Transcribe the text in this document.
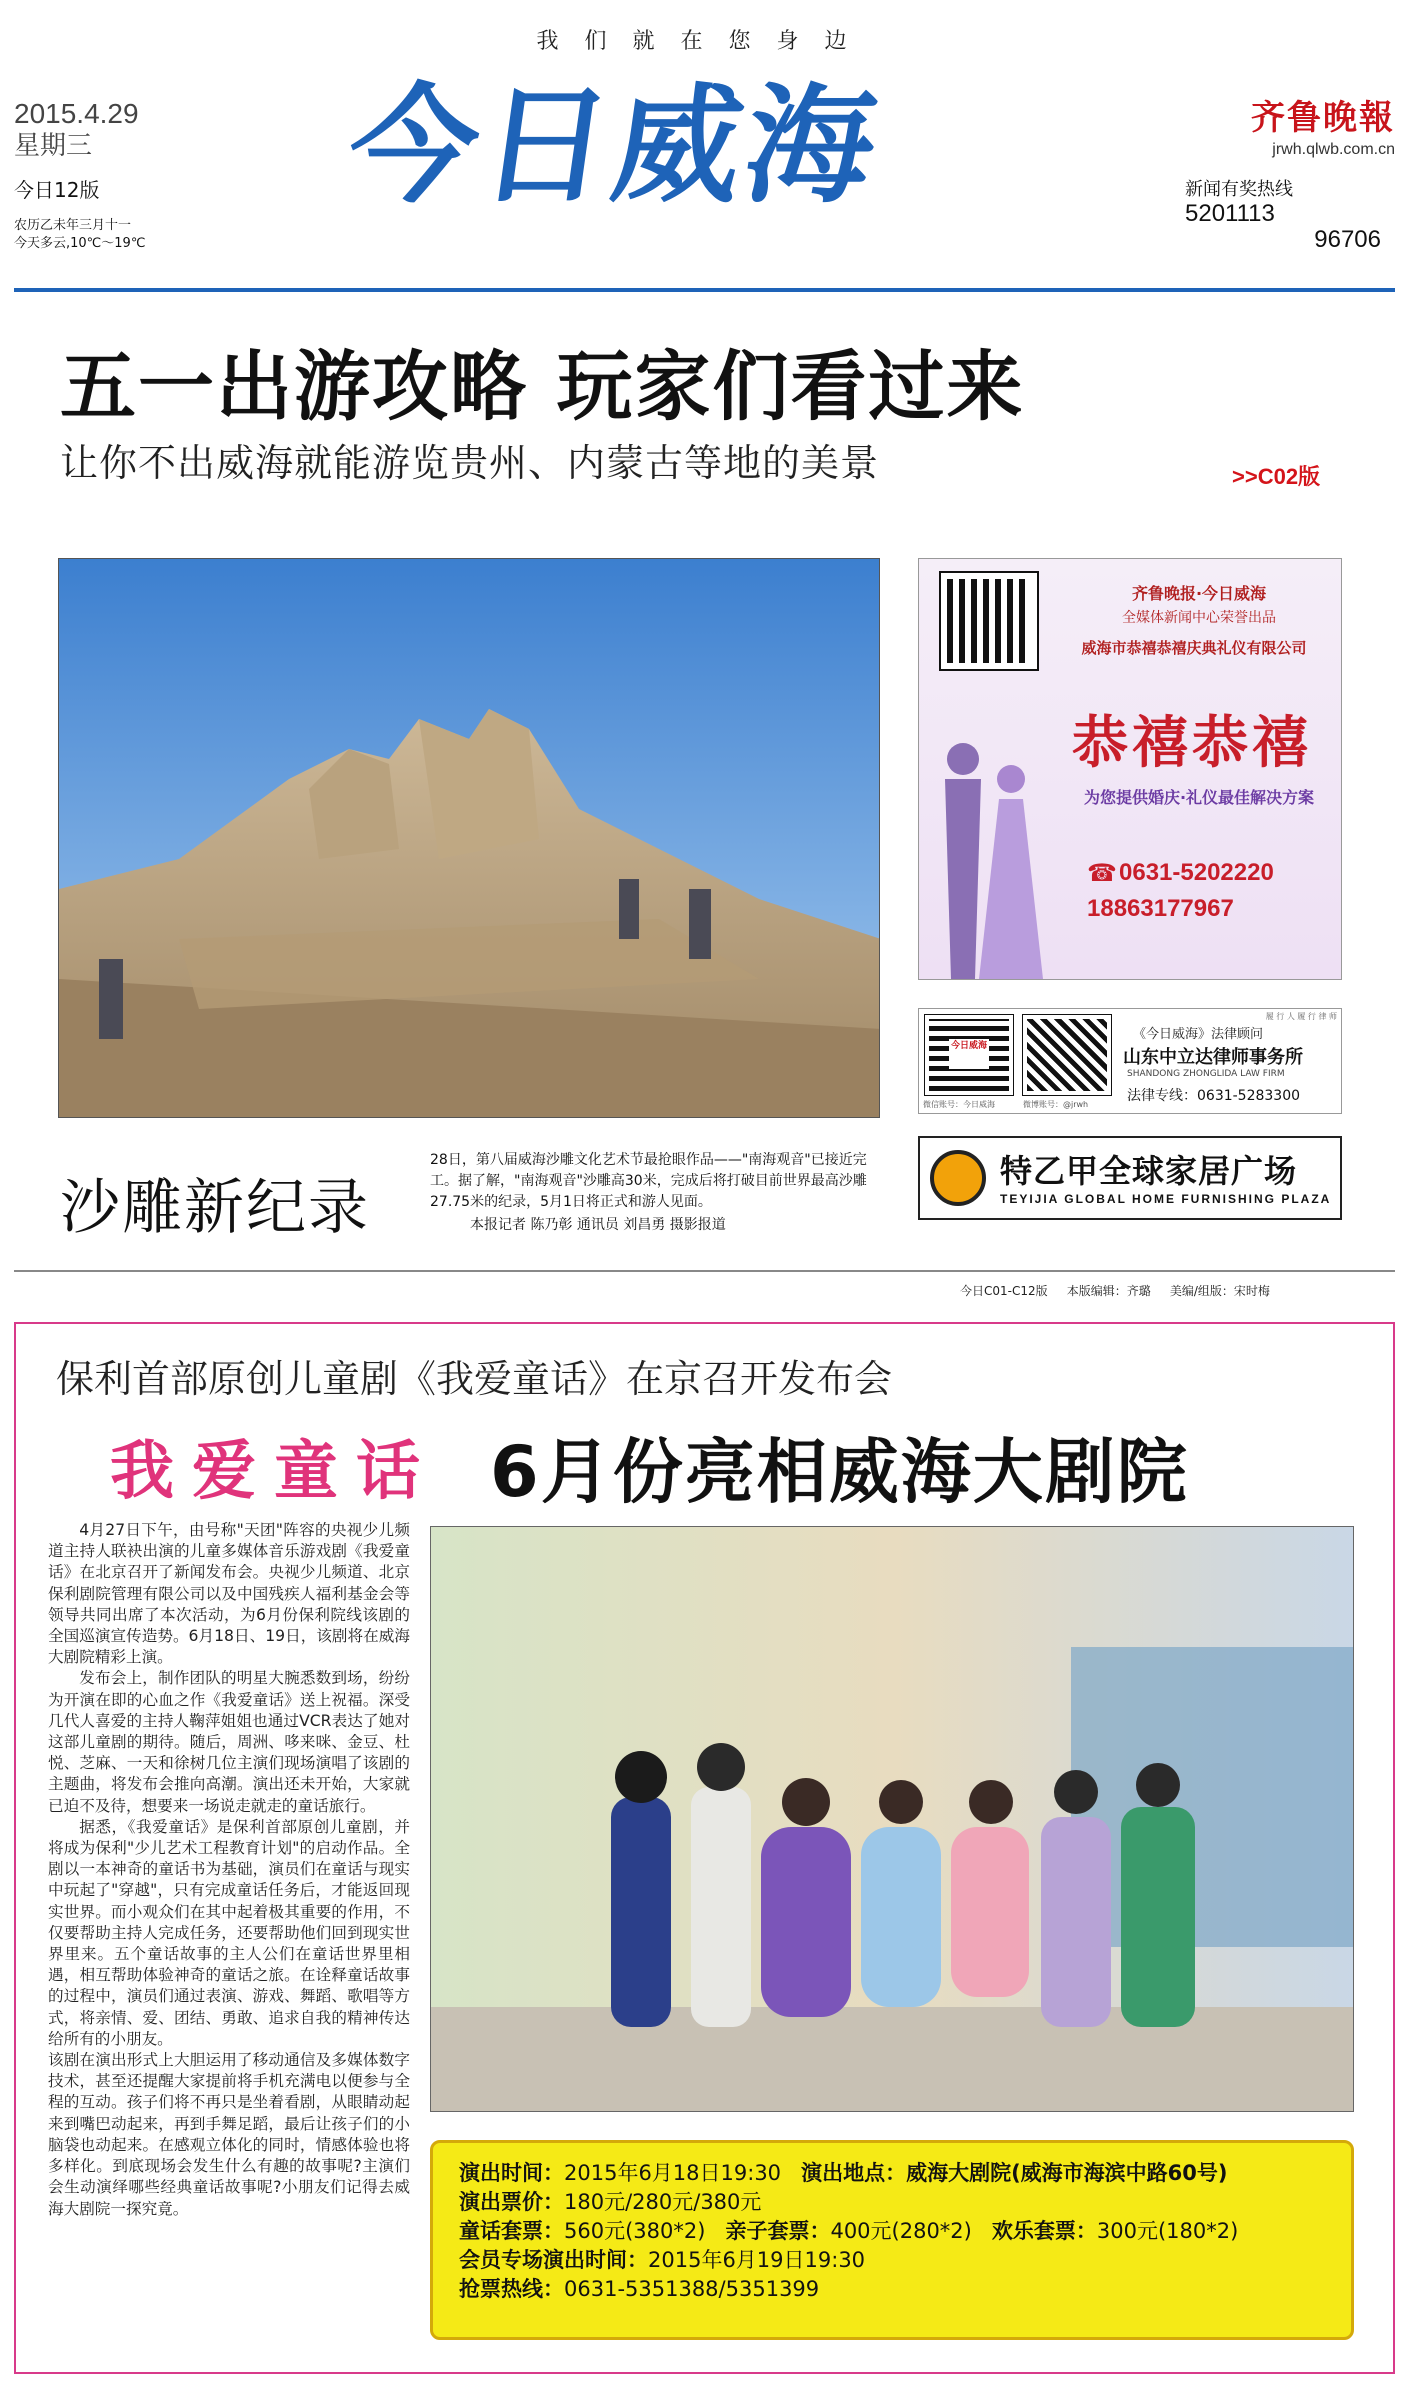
我们就在您身边
2015.4.29
星期三
今日12版
农历乙未年三月十一
今天多云,10℃～19℃
今日威海	齐鲁晚報
jrwh.qlwb.com.cn
新闻有奖热线
5201113
96706
五一出游攻略 玩家们看过来
让你不出威海就能游览贵州、内蒙古等地的美景	>>C02版
沙雕新纪录
28日，第八届威海沙雕文化艺术节最抢眼作品——"南海观音"已接近完工。据了解，"南海观音"沙雕高30米，完成后将打破目前世界最高沙雕27.75米的纪录，5月1日将正式和游人见面。
本报记者 陈乃彰 通讯员 刘昌勇 摄影报道
齐鲁晚报·今日威海
全媒体新闻中心荣誉出品
威海市恭禧恭禧庆典礼仪有限公司
恭禧恭禧
为您提供婚庆·礼仪最佳解决方案
☎ 0631-5202220
18863177967
今日威海
微信账号：今日威海	微博账号：@jrwh
履 行 人 履 行 律 师
《今日威海》法律顾问
山东中立达律师事务所
SHANDONG ZHONGLIDA LAW FIRM
法律专线：0631-5283300
特乙甲全球家居广场
TEYIJIA GLOBAL HOME FURNISHING PLAZA
今日C01-C12版 本版编辑：齐璐 美编/组版：宋时梅
保利首部原创儿童剧《我爱童话》在京召开发布会
我爱童话 6月份亮相威海大剧院

4月27日下午，由号称"天团"阵容的央视少儿频道主持人联袂出演的儿童多媒体音乐游戏剧《我爱童话》在北京召开了新闻发布会。央视少儿频道、北京保利剧院管理有限公司以及中国残疾人福利基金会等领导共同出席了本次活动，为6月份保利院线该剧的全国巡演宣传造势。6月18日、19日，该剧将在威海大剧院精彩上演。

发布会上，制作团队的明星大腕悉数到场，纷纷为开演在即的心血之作《我爱童话》送上祝福。深受几代人喜爱的主持人鞠萍姐姐也通过VCR表达了她对这部儿童剧的期待。随后，周洲、哆来咪、金豆、杜悦、芝麻、一天和徐树几位主演们现场演唱了该剧的主题曲，将发布会推向高潮。演出还未开始，大家就已迫不及待，想要来一场说走就走的童话旅行。

据悉，《我爱童话》是保利首部原创儿童剧，并将成为保利"少儿艺术工程教育计划"的启动作品。全剧以一本神奇的童话书为基础，演员们在童话与现实中玩起了"穿越"，只有完成童话任务后，才能返回现实世界。而小观众们在其中起着极其重要的作用，不仅要帮助主持人完成任务，还要帮助他们回到现实世界里来。五个童话故事的主人公们在童话世界里相遇，相互帮助体验神奇的童话之旅。在诠释童话故事的过程中，演员们通过表演、游戏、舞蹈、歌唱等方式，将亲情、爱、团结、勇敢、追求自我的精神传达给所有的小朋友。

该剧在演出形式上大胆运用了移动通信及多媒体数字技术，甚至还提醒大家提前将手机充满电以便参与全程的互动。孩子们将不再只是坐着看剧，从眼睛动起来到嘴巴动起来，再到手舞足蹈，最后让孩子们的小脑袋也动起来。在感观立体化的同时，情感体验也将多样化。到底现场会发生什么有趣的故事呢?主演们会生动演绎哪些经典童话故事呢?小朋友们记得去威海大剧院一探究竟。

演出时间：2015年6月18日19:30 演出地点：威海大剧院(威海市海滨中路60号)
演出票价：180元/280元/380元
童话套票：560元(380*2) 亲子套票：400元(280*2) 欢乐套票：300元(180*2)
会员专场演出时间：2015年6月19日19:30
抢票热线：0631-5351388/5351399
